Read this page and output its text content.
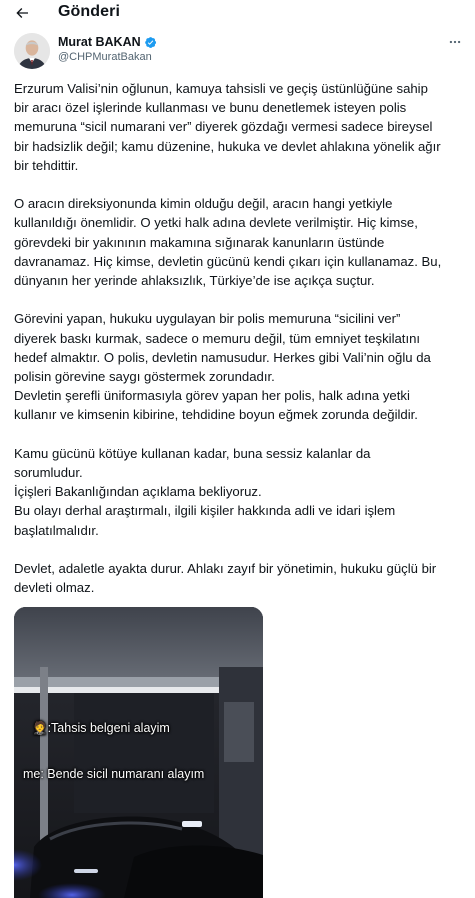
Gönderi
Murat BAKAN
@CHPMuratBakan
Erzurum Valisi’nin oğlunun, kamuya tahsisli ve geçiş üstünlüğüne sahip
bir aracı özel işlerinde kullanması ve bunu denetlemek isteyen polis
memuruna “sicil numarani ver” diyerek gözdağı vermesi sadece bireysel
bir hadsizlik değil; kamu düzenine, hukuka ve devlet ahlakına yönelik ağır
bir tehdittir.
O aracın direksiyonunda kimin olduğu değil, aracın hangi yetkiyle
kullanıldığı önemlidir. O yetki halk adına devlete verilmiştir. Hiç kimse,
görevdeki bir yakınının makamına sığınarak kanunların üstünde
davranamaz. Hiç kimse, devletin gücünü kendi çıkarı için kullanamaz. Bu,
dünyanın her yerinde ahlaksızlık, Türkiye’de ise açıkça suçtur.
Görevini yapan, hukuku uygulayan bir polis memuruna “sicilini ver”
diyerek baskı kurmak, sadece o memuru değil, tüm emniyet teşkilatını
hedef almaktır. O polis, devletin namusudur. Herkes gibi Vali’nin oğlu da
polisin görevine saygı göstermek zorundadır.
Devletin şerefli üniformasıyla görev yapan her polis, halk adına yetki
kullanır ve kimsenin kibirine, tehdidine boyun eğmek zorunda değildir.
Kamu gücünü kötüye kullanan kadar, buna sessiz kalanlar da
sorumludur.
İçişleri Bakanlığından açıklama bekliyoruz.
Bu olayı derhal araştırmalı, ilgili kişiler hakkında adli ve idari işlem
başlatılmalıdır.
Devlet, adaletle ayakta durur. Ahlakı zayıf bir yönetimin, hukuku güçlü bir
devleti olmaz.
🤵:Tahsis belgeni alayim
me: Bende sicil numaranı alayım
